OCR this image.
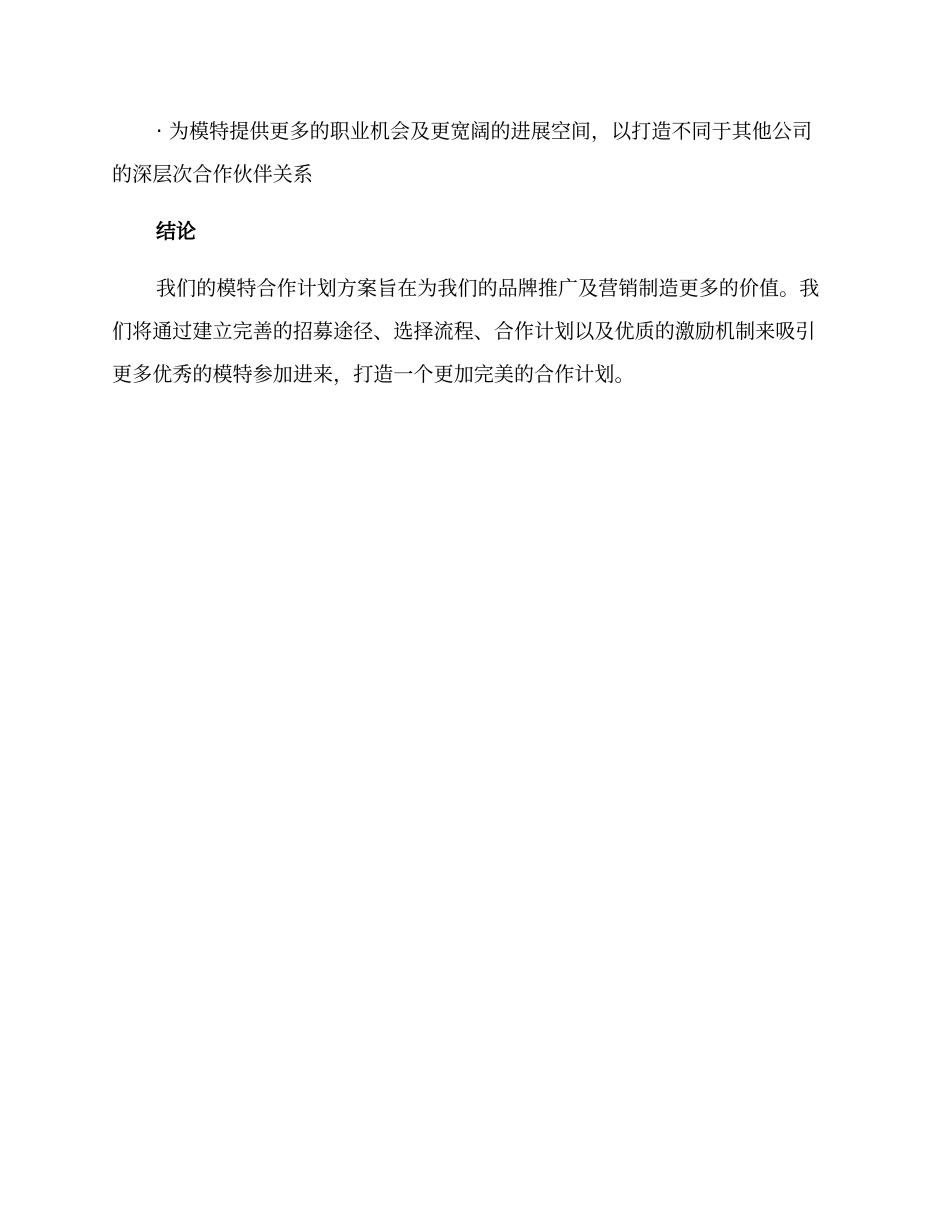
· 为模特提供更多的职业机会及更宽阔的进展空间，以打造不同于其他公司的深层次合作伙伴关系

结论

我们的模特合作计划方案旨在为我们的品牌推广及营销制造更多的价值。我们将通过建立完善的招募途径、选择流程、合作计划以及优质的激励机制来吸引更多优秀的模特参加进来，打造一个更加完美的合作计划。
